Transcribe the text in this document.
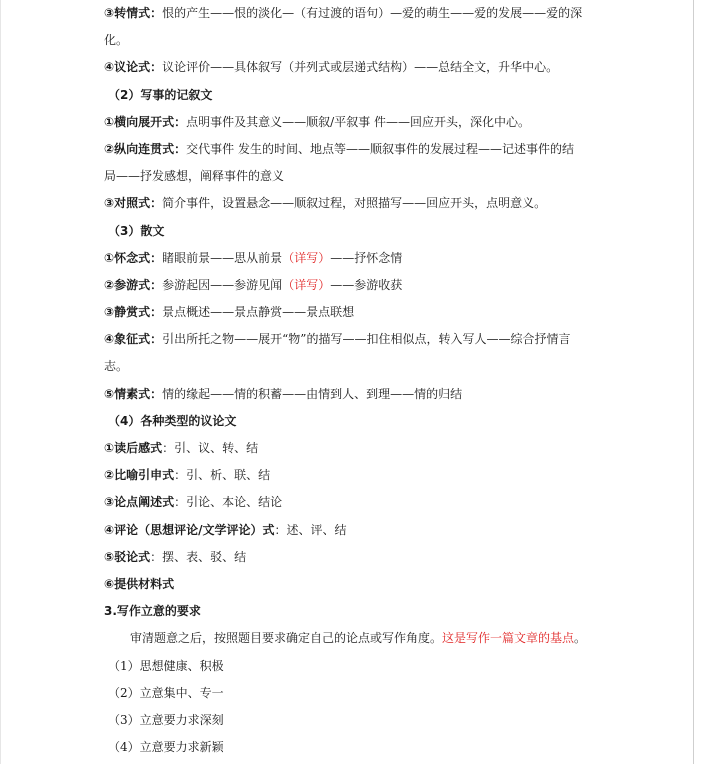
③转情式：恨的产生——恨的淡化—（有过渡的语句）—爱的萌生——爱的发展——爱的深
化。
④议论式：议论评价——具体叙写（并列式或层递式结构）——总结全文，升华中心。
（2）写事的记叙文
①横向展开式：点明事件及其意义——顺叙/平叙事 件——回应开头，深化中心。
②纵向连贯式：交代事件 发生的时间、地点等——顺叙事件的发展过程——记述事件的结
局——抒发感想，阐释事件的意义
③对照式：简介事件，设置悬念——顺叙过程，对照描写——回应开头，点明意义。
（3）散文
①怀念式：睹眼前景——思从前景（详写）——抒怀念情
②参游式：参游起因——参游见闻（详写）——参游收获
③静赏式：景点概述——景点静赏——景点联想
④象征式：引出所托之物——展开“物”的描写——扣住相似点，转入写人——综合抒情言
志。
⑤情素式：情的缘起——情的积蓄——由情到人、到理——情的归结
（4）各种类型的议论文
①读后感式：引、议、转、结
②比喻引申式：引、析、联、结
③论点阐述式：引论、本论、结论
④评论（思想评论/文学评论）式：述、评、结
⑤驳论式：摆、表、驳、结
⑥提供材料式
3.写作立意的要求
审清题意之后，按照题目要求确定自己的论点或写作角度。这是写作一篇文章的基点。
（1）思想健康、积极
（2）立意集中、专一
（3）立意要力求深刻
（4）立意要力求新颖
